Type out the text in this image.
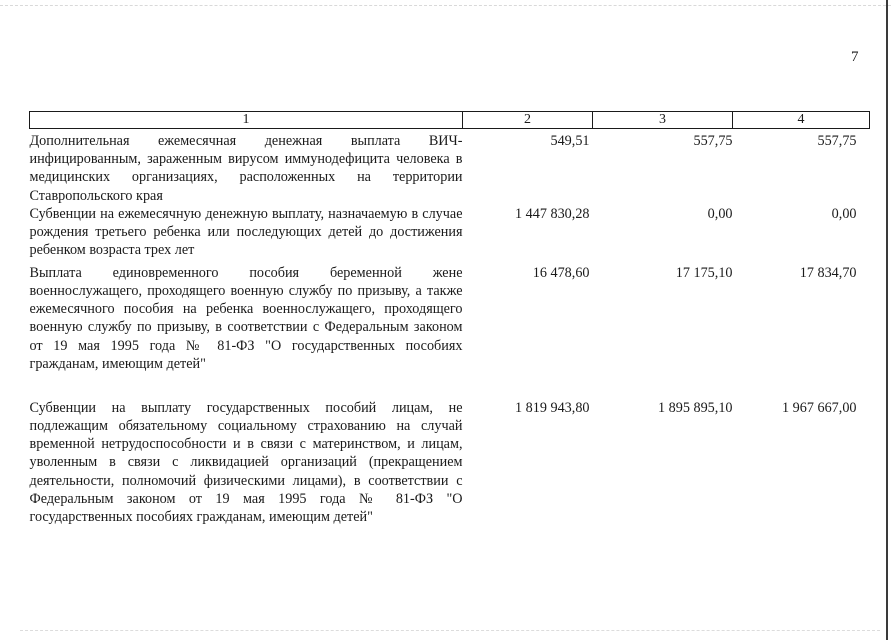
7
1	2	3	4
Дополнительная ежемесячная денежная выплата ВИЧ-инфицированным, зараженным вирусом иммунодефицита человека в медицинских организациях, расположенных на территории Ставропольского края	549,51	557,75	557,75
Субвенции на ежемесячную денежную выплату, назначаемую в случае рождения третьего ребенка или последующих детей до достижения ребенком возраста трех лет	1 447 830,28	0,00	0,00
Выплата единовременного пособия беременной жене военнослужащего, проходящего военную службу по призыву, а также ежемесячного пособия на ребенка военнослужащего, проходящего военную службу по призыву, в соответствии с Федеральным законом от 19 мая 1995 года № 81-ФЗ "О государственных пособиях гражданам, имеющим детей"	16 478,60	17 175,10	17 834,70
Субвенции на выплату государственных пособий лицам, не подлежащим обязательному социальному страхованию на случай временной нетрудоспособности и в связи с материнством, и лицам, уволенным в связи с ликвидацией организаций (прекращением деятельности, полномочий физическими лицами), в соответствии с Федеральным законом от 19 мая 1995 года № 81-ФЗ "О государственных пособиях гражданам, имеющим детей"	1 819 943,80	1 895 895,10	1 967 667,00
